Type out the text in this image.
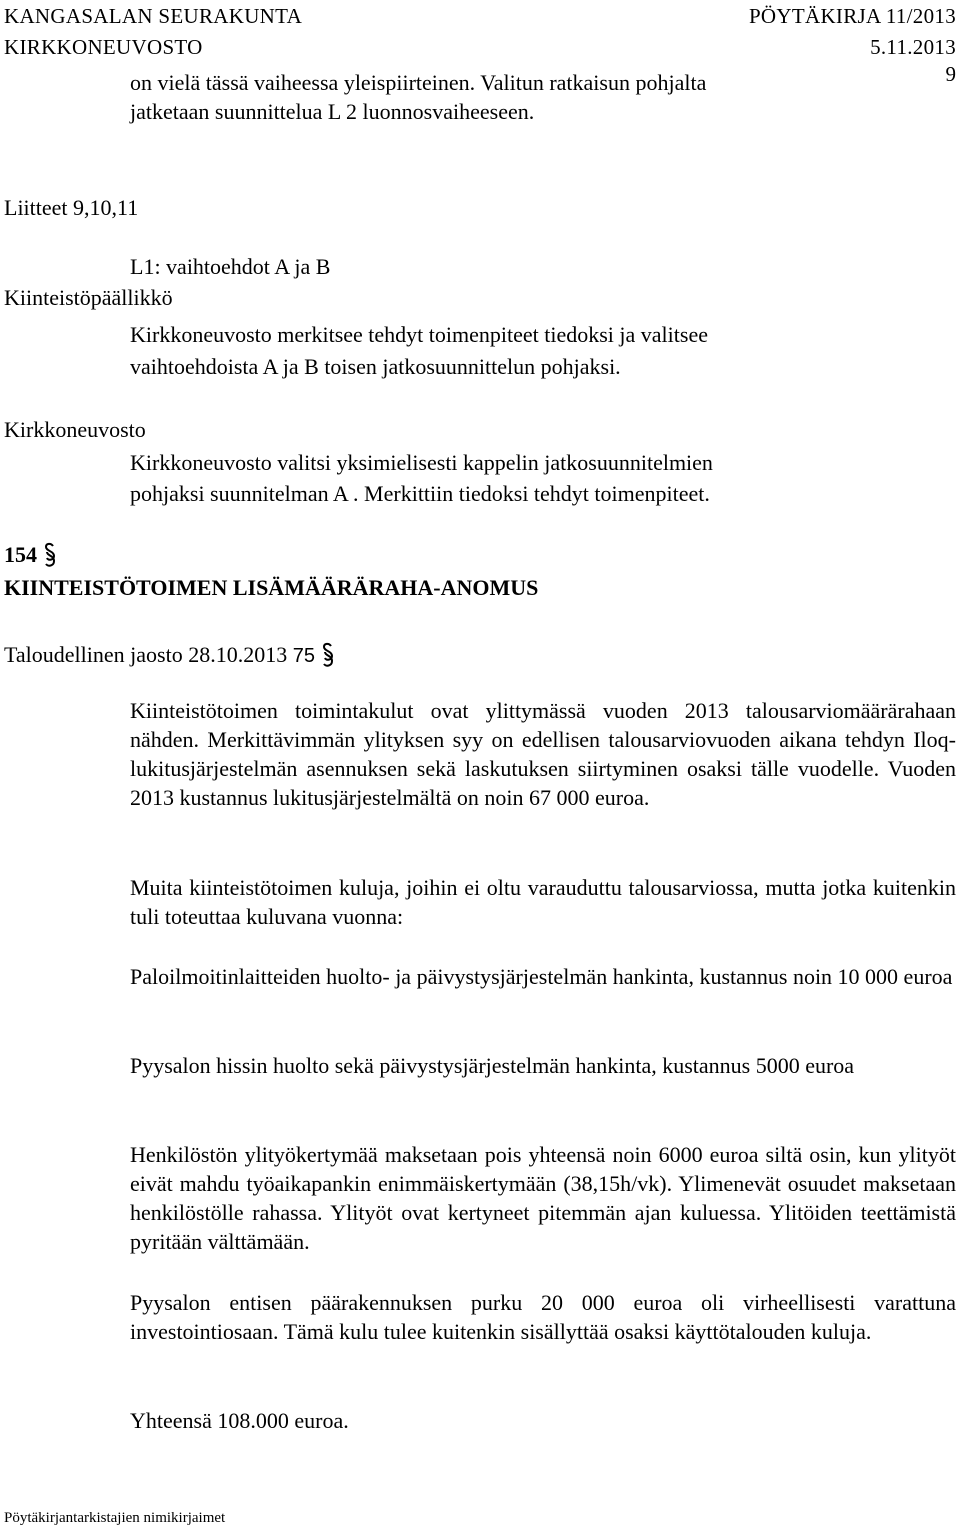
KANGASALAN SEURAKUNTA	PÖYTÄKIRJA 11/2013
KIRKKONEUVOSTO	5.11.2013
9
on vielä tässä vaiheessa yleispiirteinen. Valitun ratkaisun pohjalta
jatketaan suunnittelua L 2 luonnosvaiheeseen.
Liitteet 9,10,11
L1: vaihtoehdot A ja B
Kiinteistöpäällikkö
Kirkkoneuvosto merkitsee tehdyt toimenpiteet tiedoksi ja valitsee
vaihtoehdoista A ja B toisen jatkosuunnittelun pohjaksi.
Kirkkoneuvosto
Kirkkoneuvosto valitsi yksimielisesti kappelin jatkosuunnitelmien
pohjaksi suunnitelman A . Merkittiin tiedoksi tehdyt toimenpiteet.
154
KIINTEISTÖTOIMEN LISÄMÄÄRÄRAHA-ANOMUS
Taloudellinen jaosto 28.10.2013 75
Kiinteistötoimen toimintakulut ovat ylittymässä vuoden 2013 talousarviomäärärahaan nähden. Merkittävimmän ylityksen syy on edellisen talousarviovuoden aikana tehdyn Iloq-lukitusjärjestelmän asennuksen sekä laskutuksen siirtyminen osaksi tälle vuodelle. Vuoden 2013 kustannus lukitusjärjestelmältä on noin 67 000 euroa.
Muita kiinteistötoimen kuluja, joihin ei oltu varauduttu talousarviossa, mutta jotka kuitenkin tuli toteuttaa kuluvana vuonna:
Paloilmoitinlaitteiden huolto- ja päivystysjärjestelmän hankinta, kustannus noin 10 000 euroa
Pyysalon hissin huolto sekä päivystysjärjestelmän hankinta, kustannus 5000 euroa
Henkilöstön ylityökertymää maksetaan pois yhteensä noin 6000 euroa siltä osin, kun ylityöt eivät mahdu työaikapankin enimmäiskertymään (38,15h/vk). Ylimenevät osuudet maksetaan henkilöstölle rahassa. Ylityöt ovat kertyneet pitemmän ajan kuluessa. Ylitöiden teettämistä pyritään välttämään.
Pyysalon entisen päärakennuksen purku 20 000 euroa oli virheellisesti varattuna investointiosaan. Tämä kulu tulee kuitenkin sisällyttää osaksi käyttötalouden kuluja.
Yhteensä 108.000 euroa.
Pöytäkirjantarkistajien nimikirjaimet
